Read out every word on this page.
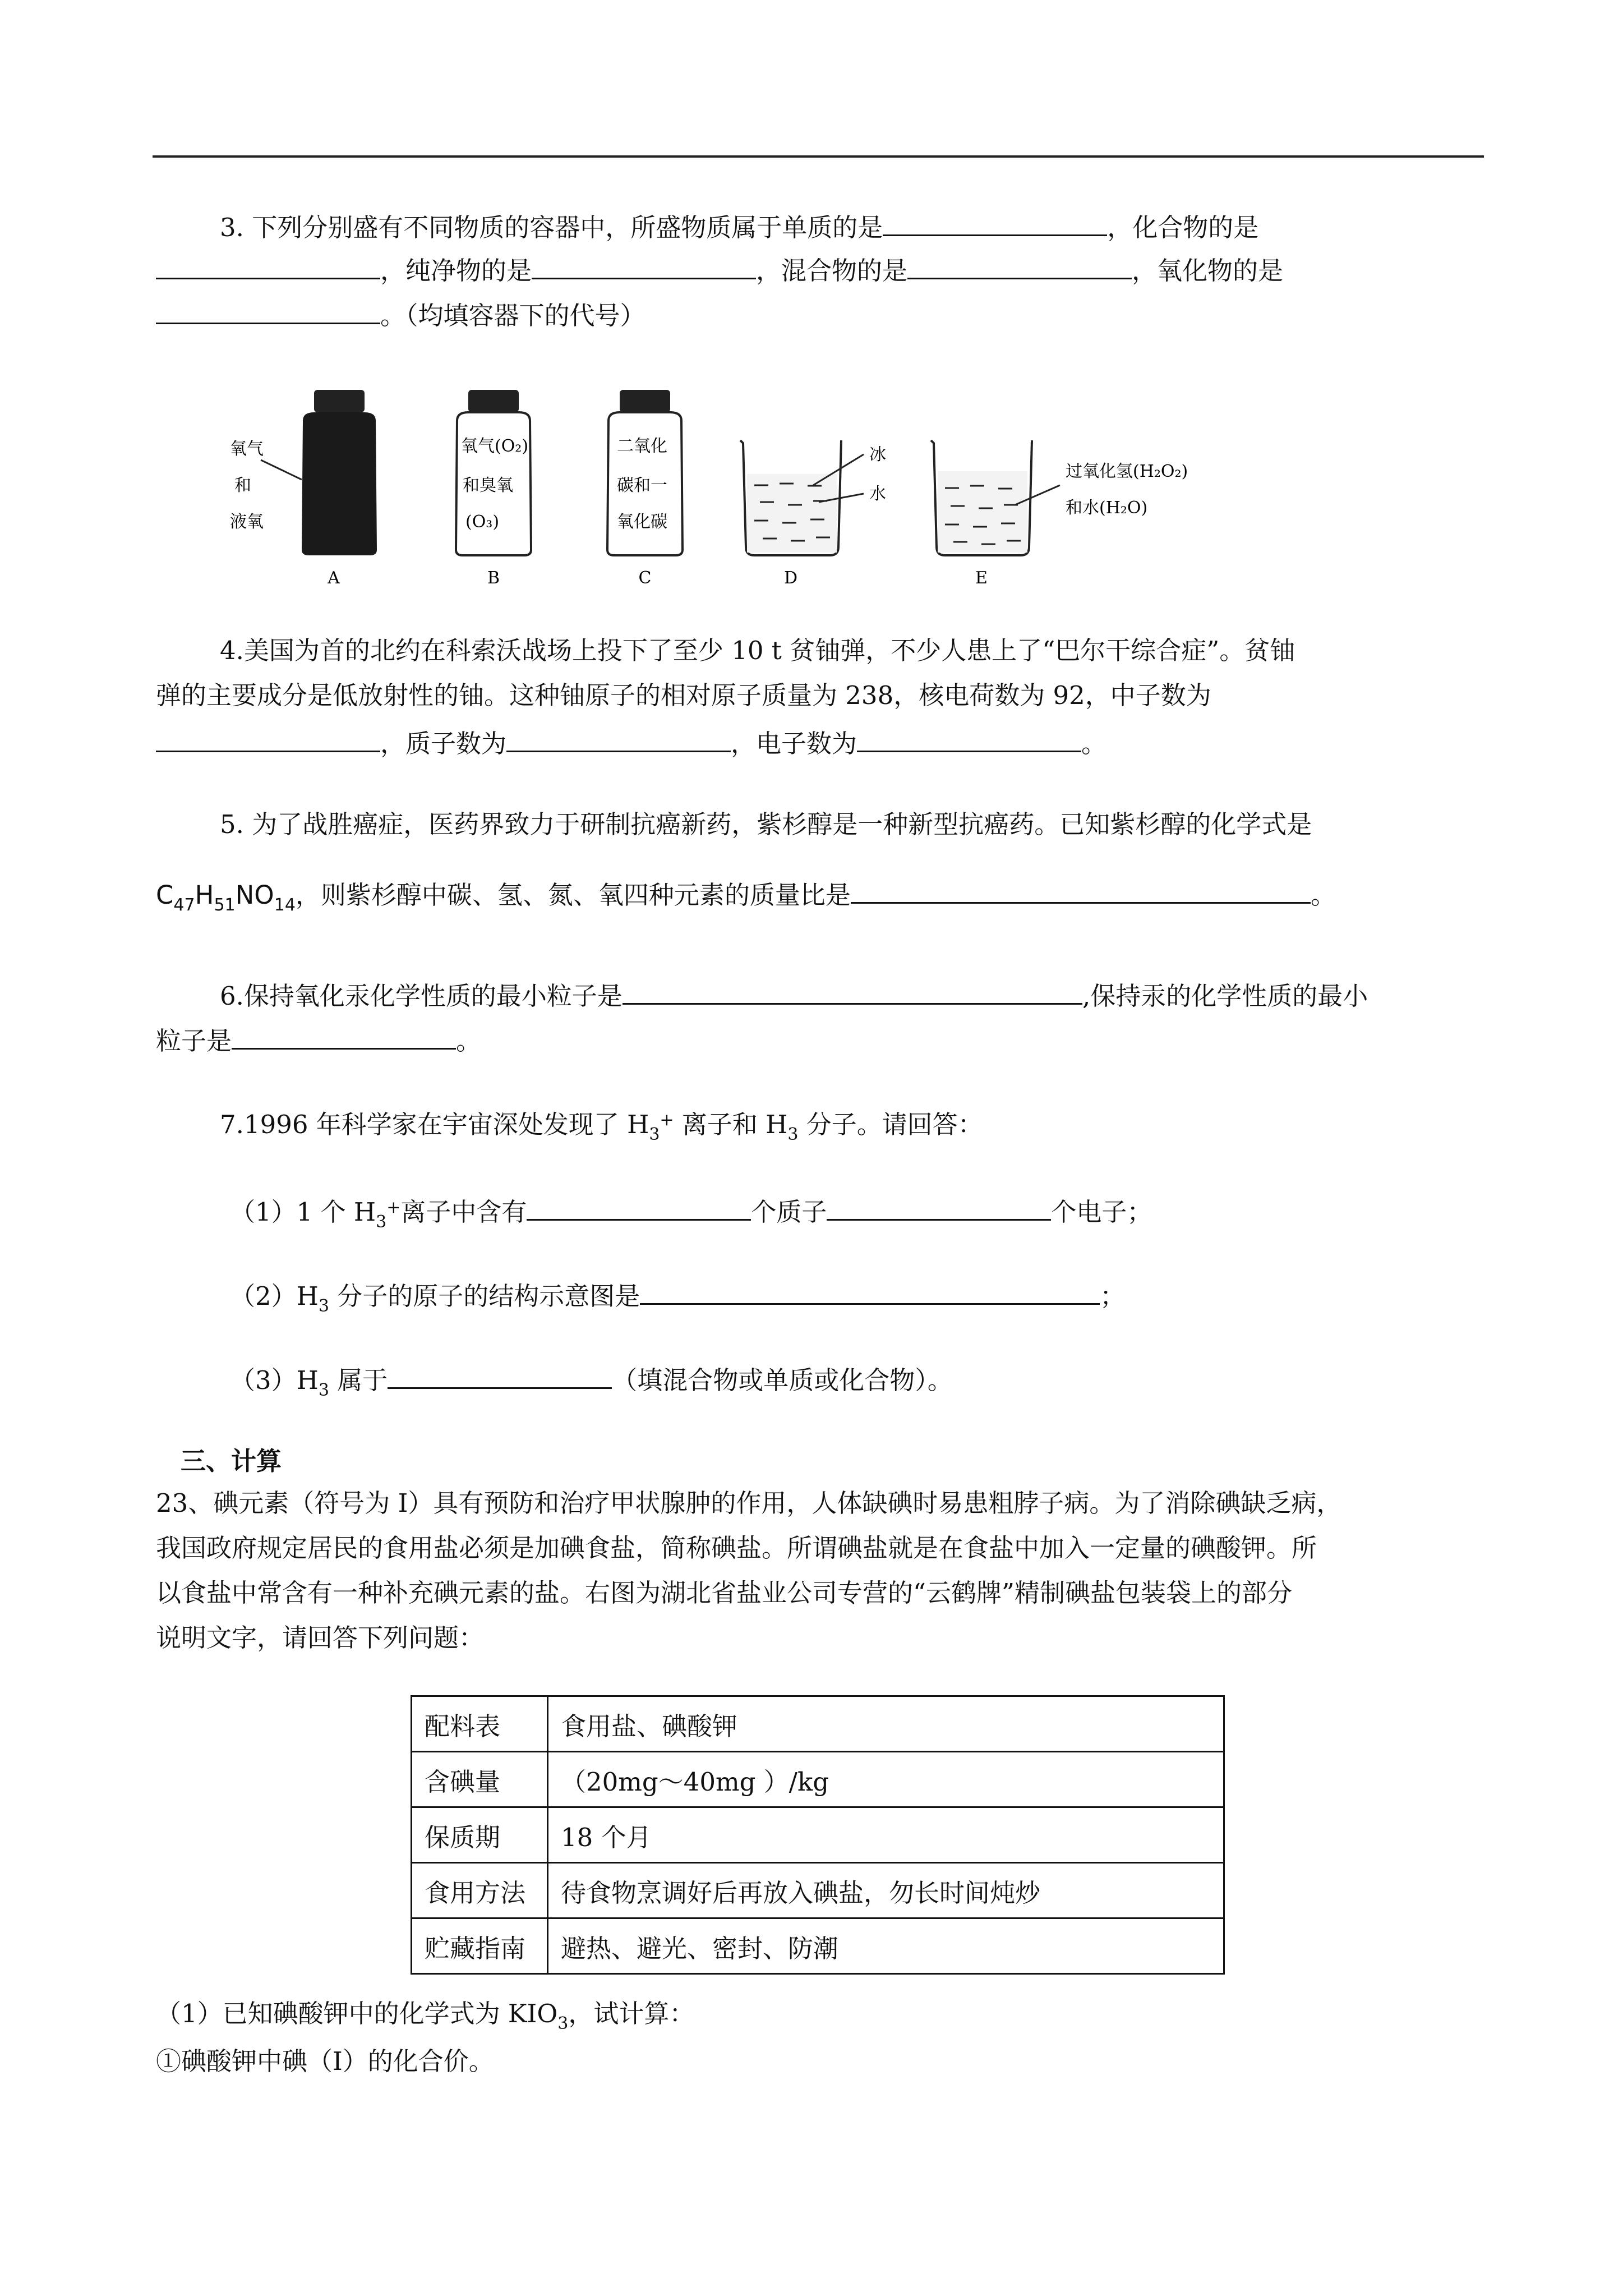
3. 下列分别盛有不同物质的容器中，所盛物质属于单质的是	，化合物的是
，纯净物的是	，混合物的是	，氧化物的是
。（均填容器下的代号）
氧气
和
液氧
A
氧气(O₂)
和臭氧
(O₃)
B
二氧化
碳和一
氧化碳
C
冰
水
D
过氧化氢(H₂O₂)
和水(H₂O)
E
4.美国为首的北约在科索沃战场上投下了至少 10 t 贫铀弹，不少人患上了“巴尔干综合症”。贫铀
弹的主要成分是低放射性的铀。这种铀原子的相对原子质量为 238，核电荷数为 92，中子数为
，质子数为	，电子数为	。
5. 为了战胜癌症，医药界致力于研制抗癌新药，紫杉醇是一种新型抗癌药。已知紫杉醇的化学式是
$C_{47}H_{51}NO_{14}$，则紫杉醇中碳、氢、氮、氧四种元素的质量比是	。
6.保持氧化汞化学性质的最小粒子是	,保持汞的化学性质的最小
粒子是	。
7.1996 年科学家在宇宙深处发现了 $H_3^+$ 离子和 $H_3$ 分子。请回答：
（1）1 个 $H_3^+$离子中含有	个质子	个电子；
$(2)H_3$ 分子的原子的结构示意图是	；
$(3)H_3$ 属于	（填混合物或单质或化合物）。
三、计算
23、碘元素（符号为 I）具有预防和治疗甲状腺肿的作用，人体缺碘时易患粗脖子病。为了消除碘缺乏病，
我国政府规定居民的食用盐必须是加碘食盐，简称碘盐。所谓碘盐就是在食盐中加入一定量的碘酸钾。所
以食盐中常含有一种补充碘元素的盐。右图为湖北省盐业公司专营的“云鹤牌”精制碘盐包装袋上的部分
说明文字，请回答下列问题：
配料表	食用盐、碘酸钾
含碘量	（20mg～40mg ）/kg
保质期	18 个月
食用方法	待食物烹调好后再放入碘盐，勿长时间炖炒
贮藏指南	避热、避光、密封、防潮
（1）已知碘酸钾中的化学式为 $KIO_3$，试计算：
①碘酸钾中碘（I）的化合价。
